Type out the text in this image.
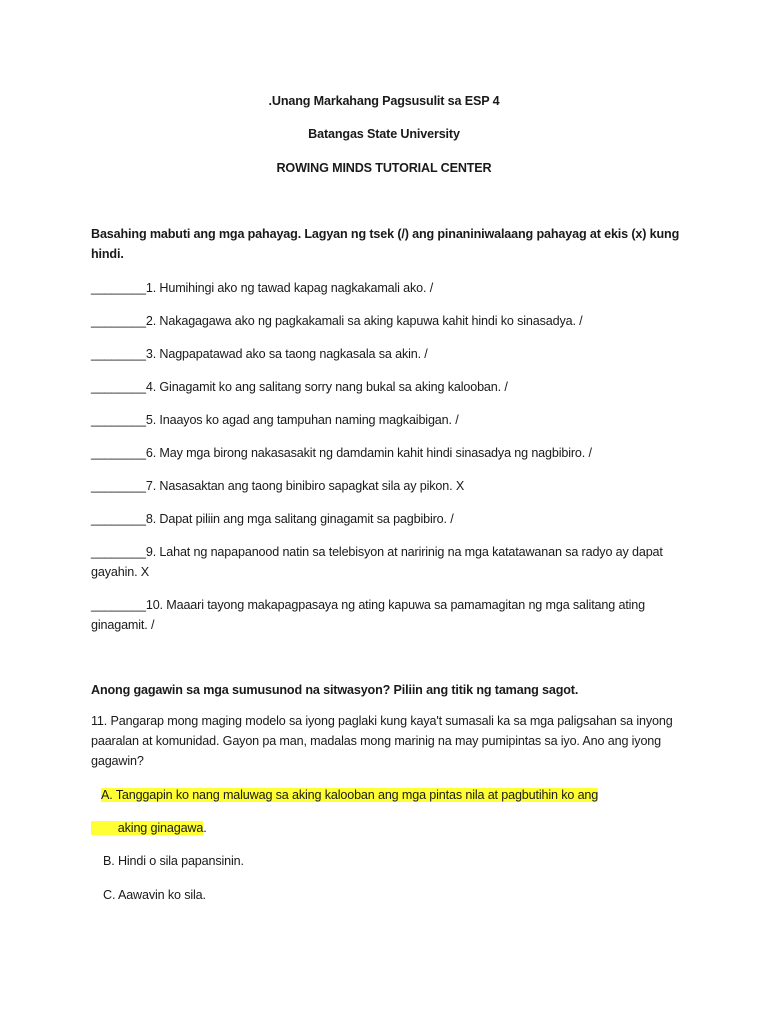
.Unang Markahang Pagsusulit sa ESP 4
Batangas State University
ROWING MINDS TUTORIAL CENTER
Basahing mabuti ang mga pahayag. Lagyan ng tsek (/) ang pinaniniwalaang pahayag at ekis (x) kung hindi.
________1. Humihingi ako ng tawad kapag nagkakamali ako. /
________2. Nakagagawa ako ng pagkakamali sa aking kapuwa kahit hindi ko sinasadya. /
________3. Nagpapatawad ako sa taong nagkasala sa akin. /
________4. Ginagamit ko ang salitang sorry nang bukal sa aking kalooban. /
________5. Inaayos ko agad ang tampuhan naming magkaibigan. /
________6. May mga birong nakasasakit ng damdamin kahit hindi sinasadya ng nagbibiro. /
________7. Nasasaktan ang taong binibiro sapagkat sila ay pikon. X
________8. Dapat piliin ang mga salitang ginagamit sa pagbibiro. /
________9. Lahat ng napapanood natin sa telebisyon at naririnig na mga katatawanan sa radyo ay dapat gayahin. X
________10. Maaari tayong makapagpasaya ng ating kapuwa sa pamamagitan ng mga salitang ating ginagamit. /
Anong gagawin sa mga sumusunod na sitwasyon? Piliin ang titik ng tamang sagot.
11. Pangarap mong maging modelo sa iyong paglaki kung kaya't sumasali ka sa mga paligsahan sa inyong paaralan at komunidad. Gayon pa man, madalas mong marinig na may pumipintas sa iyo. Ano ang iyong gagawin?
A. Tanggapin ko nang maluwag sa aking kalooban ang mga pintas nila at pagbutihin ko ang
aking ginagawa.
B. Hindi o sila papansinin.
C. Aawavin ko sila.
